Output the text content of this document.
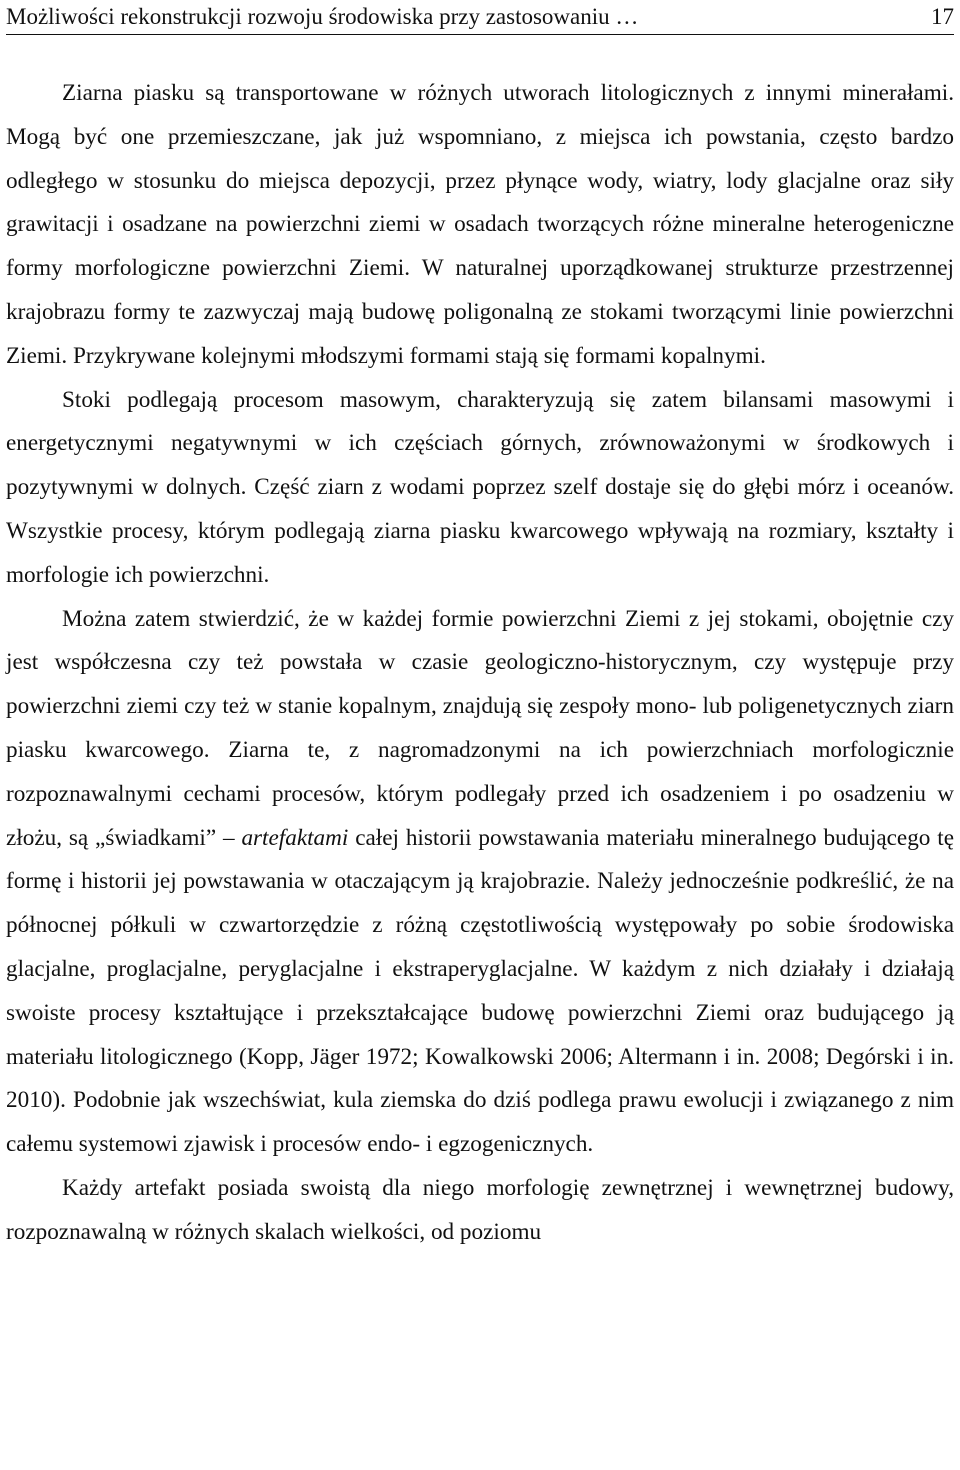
Możliwości rekonstrukcji rozwoju środowiska przy zastosowaniu …	17

Ziarna piasku są transportowane w różnych utworach litologicznych z innymi minerałami. Mogą być one przemieszczane, jak już wspomniano, z miejsca ich powstania, często bardzo odległego w stosunku do miejsca depozycji, przez płynące wody, wiatry, lody glacjalne oraz siły grawitacji i osadzane na powierzchni ziemi w osadach tworzących różne mineralne heterogeniczne formy morfologiczne powierzchni Ziemi. W naturalnej uporządkowanej strukturze przestrzennej krajobrazu formy te zazwyczaj mają budowę poligonalną ze stokami tworzącymi linie powierzchni Ziemi. Przykrywane kolejnymi młodszymi formami stają się formami kopalnymi.

Stoki podlegają procesom masowym, charakteryzują się zatem bilansami masowymi i energetycznymi negatywnymi w ich częściach górnych, zrównoważonymi w środkowych i pozytywnymi w dolnych. Część ziarn z wodami poprzez szelf dostaje się do głębi mórz i oceanów. Wszystkie procesy, którym podlegają ziarna piasku kwarcowego wpływają na rozmiary, kształty i morfologie ich powierzchni.

Można zatem stwierdzić, że w każdej formie powierzchni Ziemi z jej stokami, obojętnie czy jest współczesna czy też powstała w czasie geologiczno-historycznym, czy występuje przy powierzchni ziemi czy też w stanie kopalnym, znajdują się zespoły mono- lub poligenetycznych ziarn piasku kwarcowego. Ziarna te, z nagromadzonymi na ich powierzchniach morfologicznie rozpoznawalnymi cechami procesów, którym podlegały przed ich osadzeniem i po osadzeniu w złożu, są „świadkami” – artefaktami całej historii powstawania materiału mineralnego budującego tę formę i historii jej powstawania w otaczającym ją krajobrazie. Należy jednocześnie podkreślić, że na północnej półkuli w czwartorzędzie z różną częstotliwością występowały po sobie środowiska glacjalne, proglacjalne, peryglacjalne i ekstraperyglacjalne. W każdym z nich działały i działają swoiste procesy kształtujące i przekształcające budowę powierzchni Ziemi oraz budującego ją materiału litologicznego (Kopp, Jäger 1972; Kowalkowski 2006; Altermann i in. 2008; Degórski i in. 2010). Podobnie jak wszechświat, kula ziemska do dziś podlega prawu ewolucji i związanego z nim całemu systemowi zjawisk i procesów endo- i egzogenicznych.

Każdy artefakt posiada swoistą dla niego morfologię zewnętrznej i wewnętrznej budowy, rozpoznawalną w różnych skalach wielkości, od poziomu
